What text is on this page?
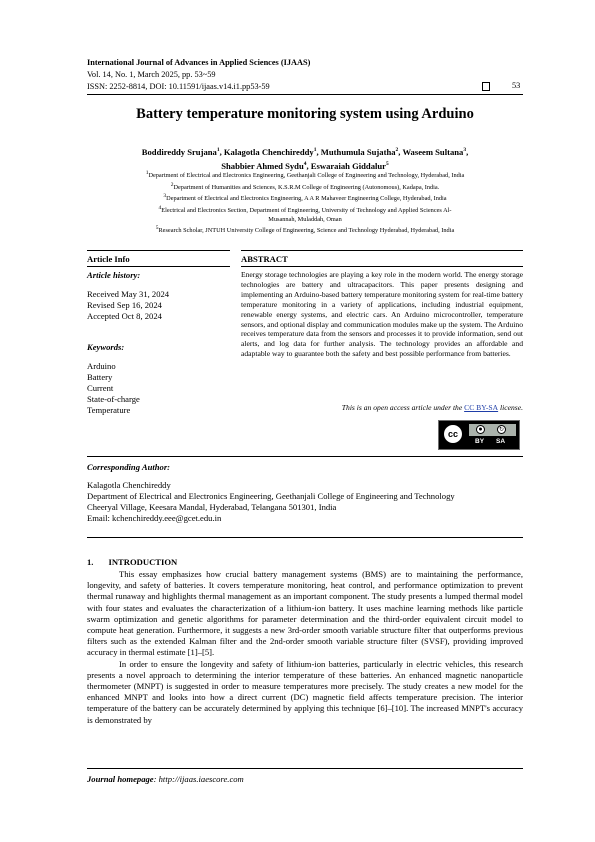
International Journal of Advances in Applied Sciences (IJAAS)
Vol. 14, No. 1, March 2025, pp. 53~59
ISSN: 2252-8814, DOI: 10.11591/ijaas.v14.i1.pp53-59	53
Battery temperature monitoring system using Arduino
Boddireddy Srujana$^1$, Kalagotla Chenchireddy$^1$, Muthumula Sujatha$^2$, Waseem Sultana$^3$,
Shabbier Ahmed Sydu$^4$, Eswaraiah Giddalur$^5$
$^1$Department of Electrical and Electronics Engineering, Geethanjali College of Engineering and Technology, Hyderabad, India
$^2$Department of Humanities and Sciences, K.S.R.M College of Engineering (Autonomous), Kadapa, India.
$^3$Department of Electrical and Electronics Engineering, A A R Mahaveer Engineering College, Hyderabad, India
$^4$Electrical and Electronics Section, Department of Engineering, University of Technology and Applied Sciences Al-Musannah, Muladdah, Oman
$^5$Research Scholar, JNTUH University College of Engineering, Science and Technology Hyderabad, Hyderabad, India
Article Info
Article history:
Received May 31, 2024
Revised Sep 16, 2024
Accepted Oct 8, 2024
Keywords:
Arduino
Battery
Current
State-of-charge
Temperature
ABSTRACT
Energy storage technologies are playing a key role in the modern world. The energy storage technologies are battery and ultracapacitors. This paper presents designing and implementing an Arduino-based battery temperature monitoring system for real-time battery temperature monitoring in a variety of applications, including industrial equipment, renewable energy systems, and electric cars. An Arduino microcontroller, temperature sensors, and optional display and communication modules make up the system. The Arduino receives temperature data from the sensors and processes it to provide information, send out alerts, and log data for further analysis. The technology provides an affordable and adaptable way to guarantee both the safety and best possible performance from batteries.
This is an open access article under the CC BY-SA license.
cc	●	↻
BY SA
Corresponding Author:
Kalagotla Chenchireddy
Department of Electrical and Electronics Engineering, Geethanjali College of Engineering and Technology
Cheeryal Village, Keesara Mandal, Hyderabad, Telangana 501301, India
Email: kchenchireddy.eee@gcet.edu.in
1.       INTRODUCTION

This essay emphasizes how crucial battery management systems (BMS) are to maintaining the performance, longevity, and safety of batteries. It covers temperature monitoring, heat control, and performance optimization to prevent thermal runaway and highlights thermal management as an important component. The study presents a lumped thermal model with four states and evaluates the characterization of a lithium-ion battery. It uses machine learning methods like particle swarm optimization and genetic algorithms for parameter determination and the third-order equivalent circuit model to compute heat generation. Furthermore, it suggests a new 3rd-order smooth variable structure filter that outperforms previous filters such as the extended Kalman filter and the 2nd-order smooth variable structure filter (SVSF), providing improved accuracy in thermal estimate [1]–[5].

In order to ensure the longevity and safety of lithium-ion batteries, particularly in electric vehicles, this research presents a novel approach to determining the interior temperature of these batteries. An enhanced magnetic nanoparticle thermometer (MNPT) is suggested in order to measure temperatures more precisely. The study creates a new model for the enhanced MNPT and looks into how a direct current (DC) magnetic field affects temperature precision. The interior temperature of the battery can be accurately determined by applying this technique [6]–[10]. The increased MNPT's accuracy is demonstrated by

Journal homepage: http://ijaas.iaescore.com
